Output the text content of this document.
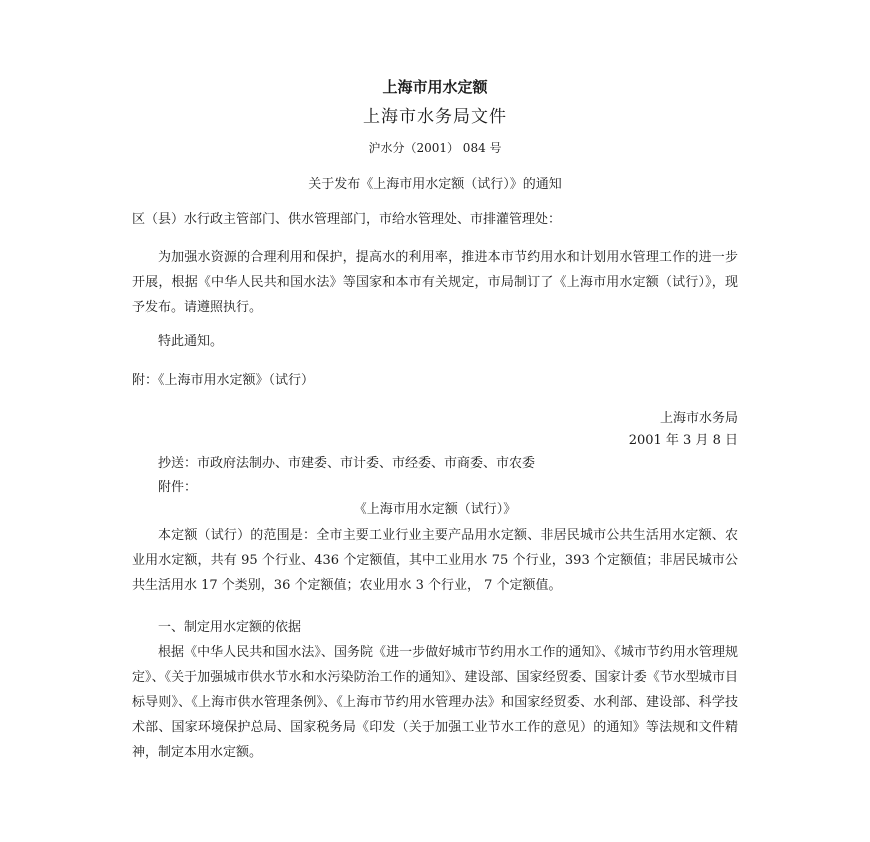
上海市用水定额
上海市水务局文件
沪水分（2001） 084 号
关于发布《上海市用水定额（试行）》的通知
区（县）水行政主管部门、供水管理部门，市给水管理处、市排灌管理处：
为加强水资源的合理利用和保护，提高水的利用率，推进本市节约用水和计划用水管理工作的进一步开展，根据《中华人民共和国水法》等国家和本市有关规定，市局制订了《上海市用水定额（试行）》，现予发布。请遵照执行。
特此通知。
附：《上海市用水定额》（试行）
上海市水务局
2001 年 3 月 8 日
抄送：市政府法制办、市建委、市计委、市经委、市商委、市农委
附件：
《上海市用水定额（试行）》
本定额（试行）的范围是：全市主要工业行业主要产品用水定额、非居民城市公共生活用水定额、农业用水定额，共有 95 个行业、436 个定额值，其中工业用水 75 个行业，393 个定额值；非居民城市公共生活用水 17 个类别，36 个定额值；农业用水 3 个行业， 7 个定额值。
一、制定用水定额的依据
根据《中华人民共和国水法》、国务院《进一步做好城市节约用水工作的通知》、《城市节约用水管理规定》、《关于加强城市供水节水和水污染防治工作的通知》、建设部、国家经贸委、国家计委《节水型城市目标导则》、《上海市供水管理条例》、《上海市节约用水管理办法》和国家经贸委、水利部、建设部、科学技术部、国家环境保护总局、国家税务局《印发（关于加强工业节水工作的意见）的通知》等法规和文件精神，制定本用水定额。
